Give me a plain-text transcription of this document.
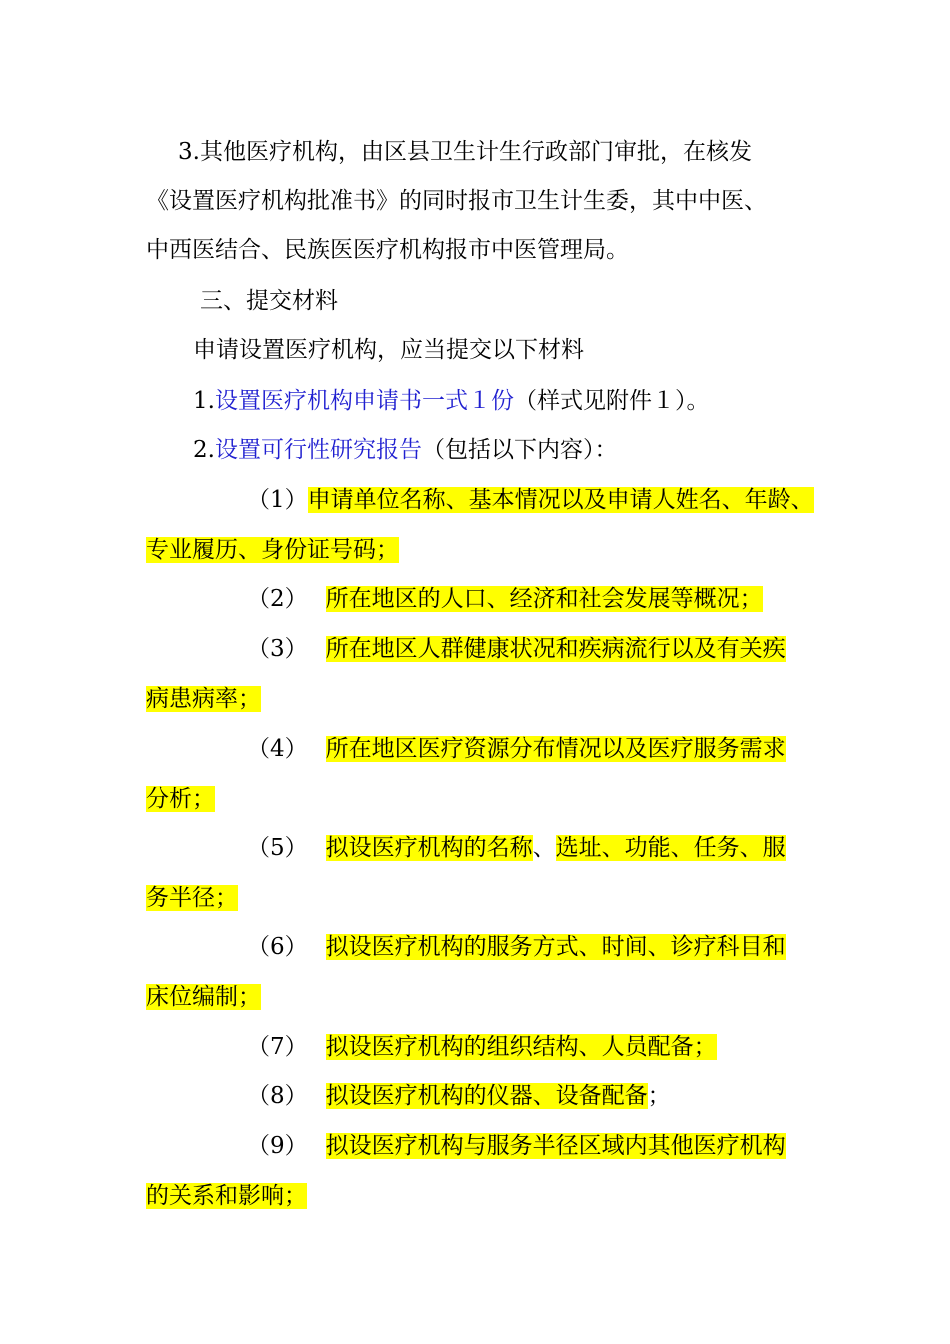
3.其他医疗机构，由区县卫生计生行政部门审批，在核发
《设置医疗机构批准书》的同时报市卫生计生委，其中中医、
中西医结合、民族医医疗机构报市中医管理局。
三、提交材料
申请设置医疗机构，应当提交以下材料
1.设置医疗机构申请书一式１份（样式见附件１）。
2.设置可行性研究报告（包括以下内容）：
（1）申请单位名称、基本情况以及申请人姓名、年龄、
专业履历、身份证号码；
（2） 所在地区的人口、经济和社会发展等概况；
（3） 所在地区人群健康状况和疾病流行以及有关疾
病患病率；
（4） 所在地区医疗资源分布情况以及医疗服务需求
分析；
（5） 拟设医疗机构的名称、选址、功能、任务、服
务半径；
（6） 拟设医疗机构的服务方式、时间、诊疗科目和
床位编制；
（7） 拟设医疗机构的组织结构、人员配备；
（8） 拟设医疗机构的仪器、设备配备；
（9） 拟设医疗机构与服务半径区域内其他医疗机构
的关系和影响；
